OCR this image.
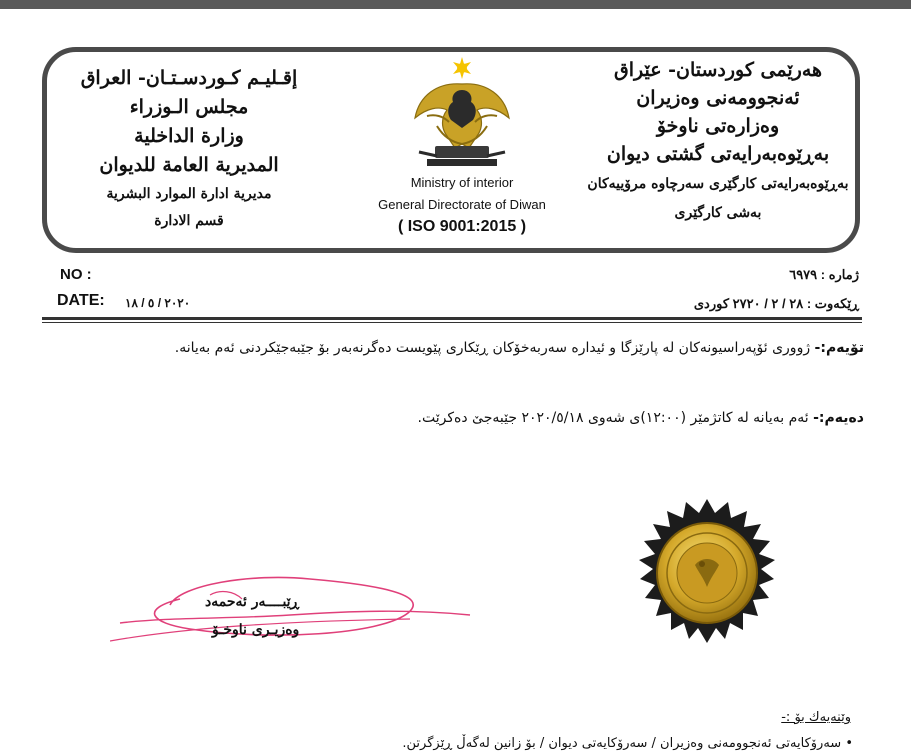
هەرێمی كوردستان- عێراق
ئەنجوومەنی وەزیران
وەزارەتی ناوخۆ
بەڕێوەبەرایەتی گشتی دیوان
بەڕێوەبەرایەتی كارگێری سەرچاوە مرۆییەكان
بەشی كارگێری
إقـليـم كـوردسـتـان- العراق
مجلس الـوزراء
وزارة الداخلية
المديرية العامة للديوان
مديرية ادارة الموارد البشرية
قسم الادارة
Ministry of interior
General Directorate of Diwan
( ISO 9001:2015 )
NO :
DATE: ٢٠٢٠ / ٥ / ١٨
ژماره : ٦٩٧٩
ڕێكەوت : ٢٨ / ٢ / ٢٧٢٠ كوردی
تۆیەم:- ژووری ئۆپەراسیونەكان لە پارێزگا و ئیدارە سەربەخۆكان ڕێكاری پێویست دەگرنەبەر بۆ جێبەجێكردنی ئەم بەیانە.
دەیەم:- ئەم بەیانە لە كاتژمێر (١٢:٠٠)ی شەوی ٢٠٢٠/٥/١٨ جێبەجێ دەكرێت.
ڕێبــــەر ئەحمەد
وەزیـری ناوخـۆ
وێنەیەك بۆ :-
• سەرۆكایەتی ئەنجوومەنی وەزیران / سەرۆكایەتی دیوان / بۆ زانین لەگەڵ ڕێزگرتن.
